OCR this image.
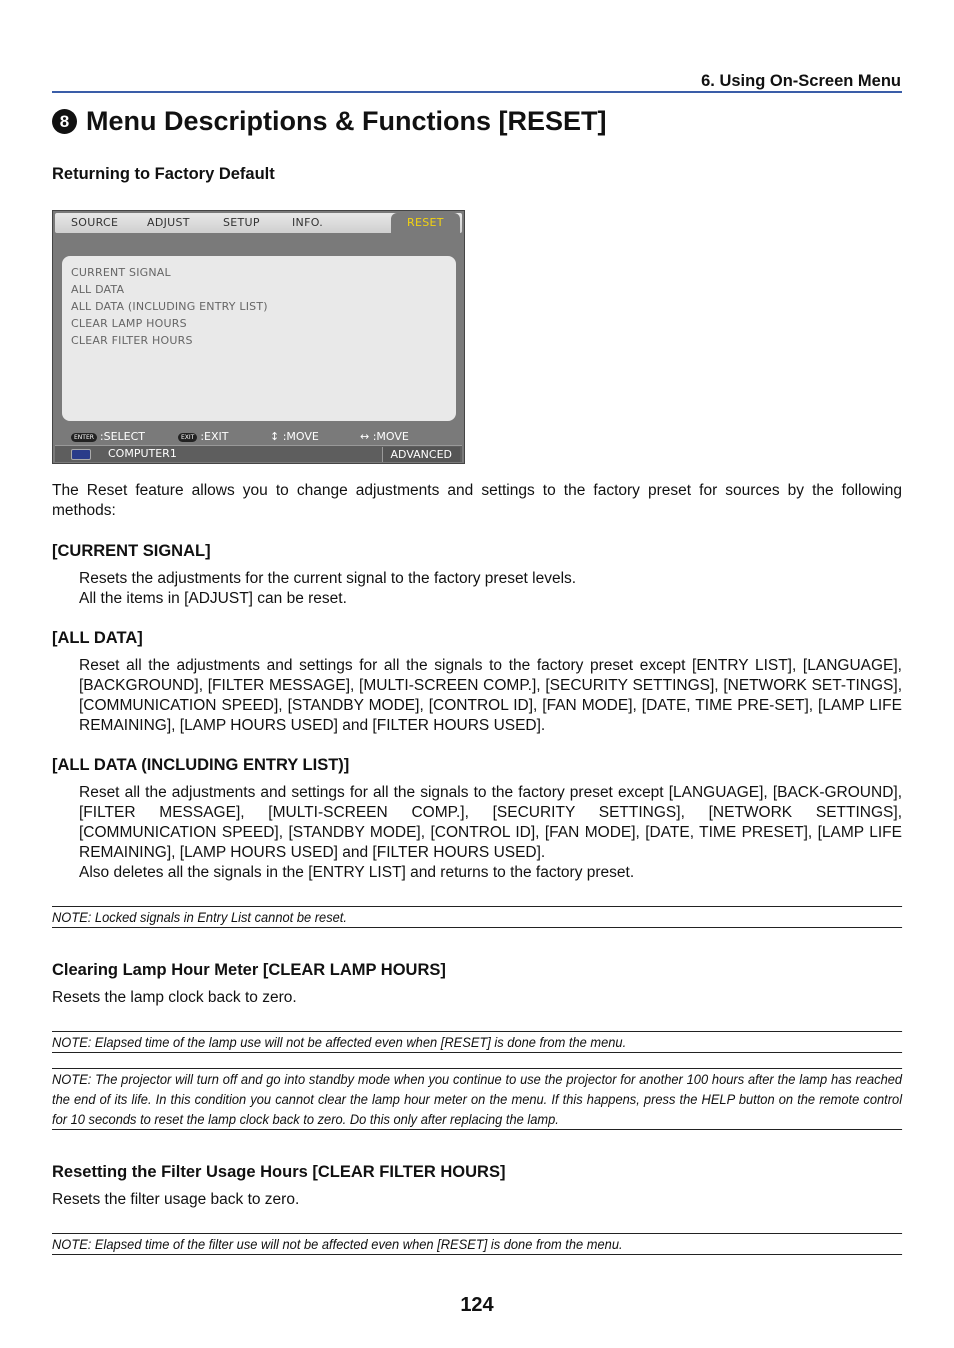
6. Using On-Screen Menu
8 Menu Descriptions & Functions [RESET]
Returning to Factory Default
SOURCE	ADJUST	SETUP	INFO.	RESET
CURRENT SIGNAL
ALL DATA
ALL DATA (INCLUDING ENTRY LIST)
CLEAR LAMP HOURS
CLEAR FILTER HOURS
ENTER :SELECT	EXIT :EXIT	↕ :MOVE	↔ :MOVE
COMPUTER1	ADVANCED
The Reset feature allows you to change adjustments and settings to the factory preset for sources by the following methods:
[CURRENT SIGNAL]
Resets the adjustments for the current signal to the factory preset levels.
All the items in [ADJUST] can be reset.
[ALL DATA]
Reset all the adjustments and settings for all the signals to the factory preset except [ENTRY LIST], [LANGUAGE], [BACKGROUND], [FILTER MESSAGE], [MULTI-SCREEN COMP.], [SECURITY SETTINGS], [NETWORK SET-TINGS], [COMMUNICATION SPEED], [STANDBY MODE], [CONTROL ID], [FAN MODE], [DATE, TIME PRE-SET], [LAMP LIFE REMAINING], [LAMP HOURS USED] and [FILTER HOURS USED].
[ALL DATA (INCLUDING ENTRY LIST)]
Reset all the adjustments and settings for all the signals to the factory preset except [LANGUAGE], [BACK-GROUND], [FILTER MESSAGE], [MULTI-SCREEN COMP.], [SECURITY SETTINGS], [NETWORK SETTINGS], [COMMUNICATION SPEED], [STANDBY MODE], [CONTROL ID], [FAN MODE], [DATE, TIME PRESET], [LAMP LIFE REMAINING], [LAMP HOURS USED] and [FILTER HOURS USED].
Also deletes all the signals in the [ENTRY LIST] and returns to the factory preset.
NOTE: Locked signals in Entry List cannot be reset.
Clearing Lamp Hour Meter [CLEAR LAMP HOURS]
Resets the lamp clock back to zero.
NOTE: Elapsed time of the lamp use will not be affected even when [RESET] is done from the menu.
NOTE: The projector will turn off and go into standby mode when you continue to use the projector for another 100 hours after the lamp has reached the end of its life. In this condition you cannot clear the lamp hour meter on the menu. If this happens, press the HELP button on the remote control for 10 seconds to reset the lamp clock back to zero. Do this only after replacing the lamp.
Resetting the Filter Usage Hours [CLEAR FILTER HOURS]
Resets the filter usage back to zero.
NOTE: Elapsed time of the filter use will not be affected even when [RESET] is done from the menu.
124
